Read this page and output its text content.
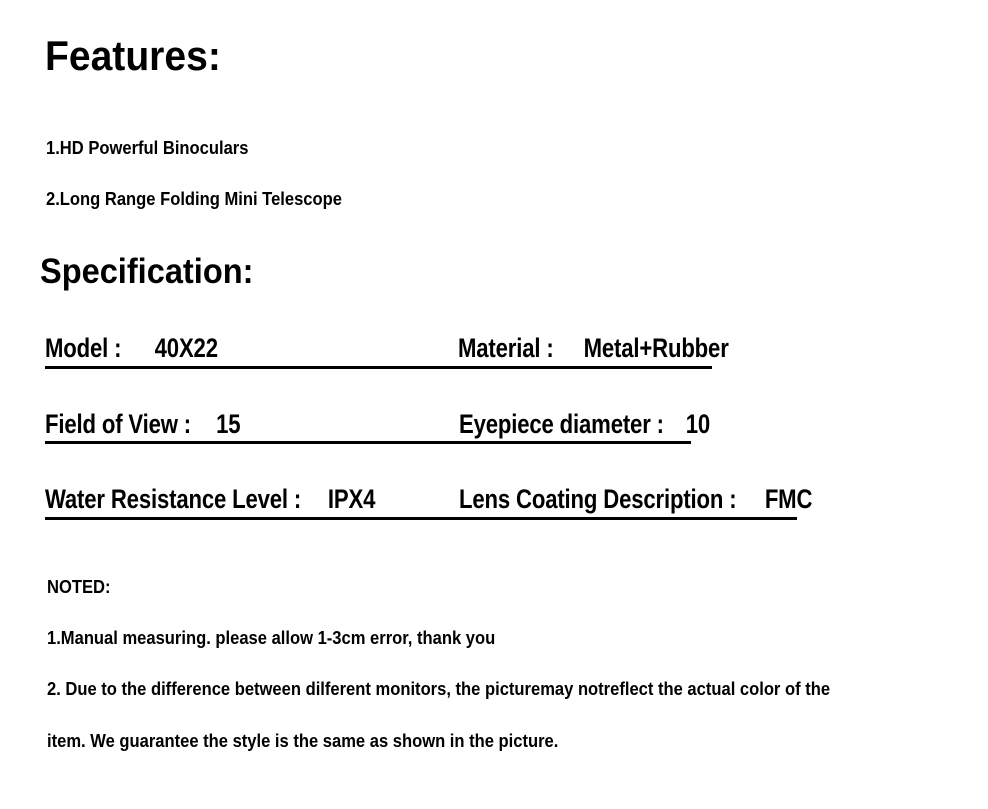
Features:
1.HD Powerful Binoculars
2.Long Range Folding Mini Telescope
Specification:
Model : 40X22	Material : Metal+Rubber
Field of View : 15	Eyepiece diameter : 10
Water Resistance Level : IPX4	Lens Coating Description : FMC
NOTED:
1.Manual measuring. please allow 1-3cm error, thank you
2. Due to the difference between dilferent monitors, the picturemay notreflect the actual color of the
item. We guarantee the style is the same as shown in the picture.
